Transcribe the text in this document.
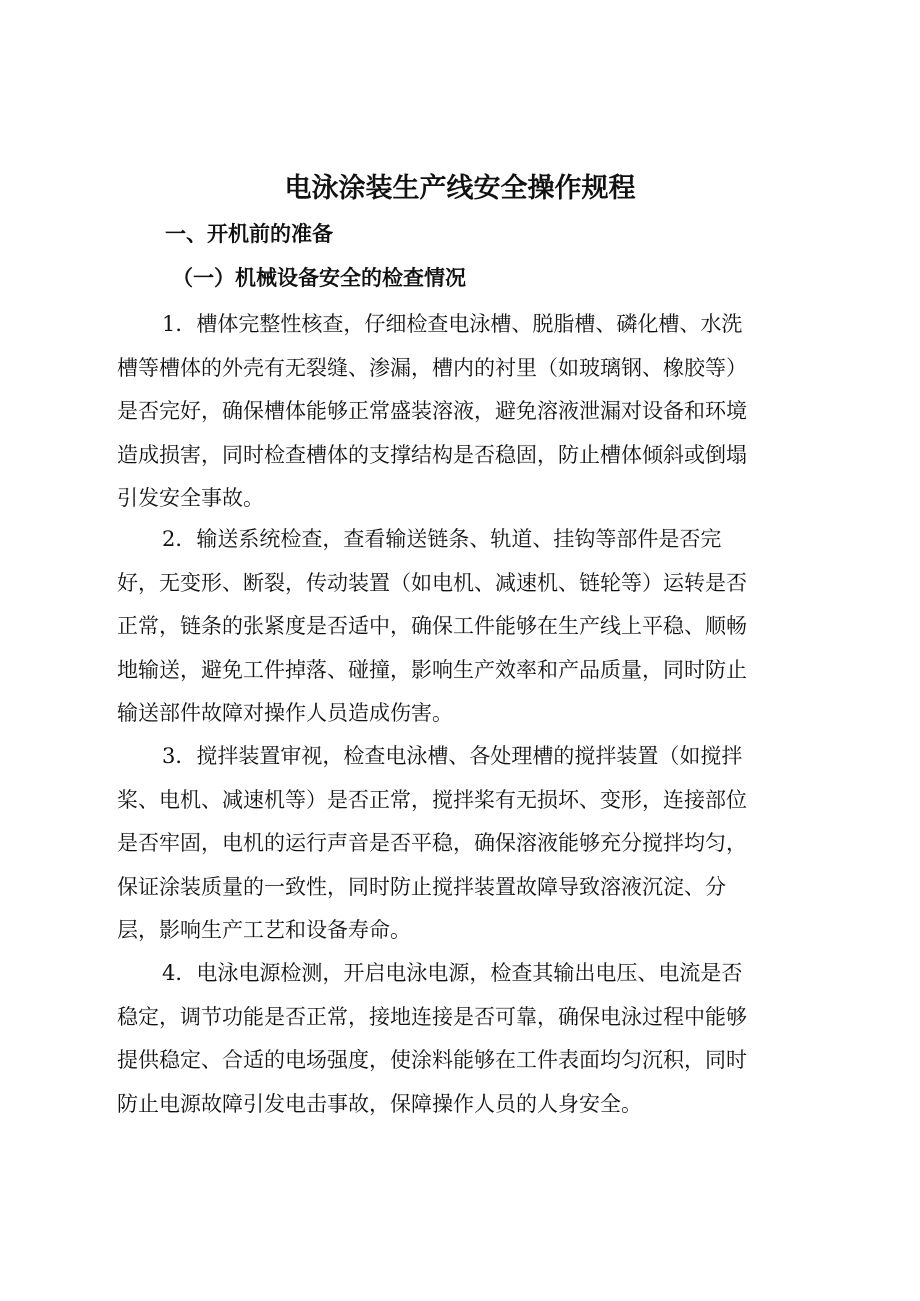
电泳涂装生产线安全操作规程
一、开机前的准备
（一）机械设备安全的检查情况

1．槽体完整性核查，仔细检查电泳槽、脱脂槽、磷化槽、水洗
槽等槽体的外壳有无裂缝、渗漏，槽内的衬里（如玻璃钢、橡胶等）
是否完好，确保槽体能够正常盛装溶液，避免溶液泄漏对设备和环境
造成损害，同时检查槽体的支撑结构是否稳固，防止槽体倾斜或倒塌
引发安全事故。

2．输送系统检查，查看输送链条、轨道、挂钩等部件是否完
好，无变形、断裂，传动装置（如电机、减速机、链轮等）运转是否
正常，链条的张紧度是否适中，确保工件能够在生产线上平稳、顺畅
地输送，避免工件掉落、碰撞，影响生产效率和产品质量，同时防止
输送部件故障对操作人员造成伤害。

3．搅拌装置审视，检查电泳槽、各处理槽的搅拌装置（如搅拌
桨、电机、减速机等）是否正常，搅拌桨有无损坏、变形，连接部位
是否牢固，电机的运行声音是否平稳，确保溶液能够充分搅拌均匀，
保证涂装质量的一致性，同时防止搅拌装置故障导致溶液沉淀、分
层，影响生产工艺和设备寿命。

4．电泳电源检测，开启电泳电源，检查其输出电压、电流是否
稳定，调节功能是否正常，接地连接是否可靠，确保电泳过程中能够
提供稳定、合适的电场强度，使涂料能够在工件表面均匀沉积，同时
防止电源故障引发电击事故，保障操作人员的人身安全。
